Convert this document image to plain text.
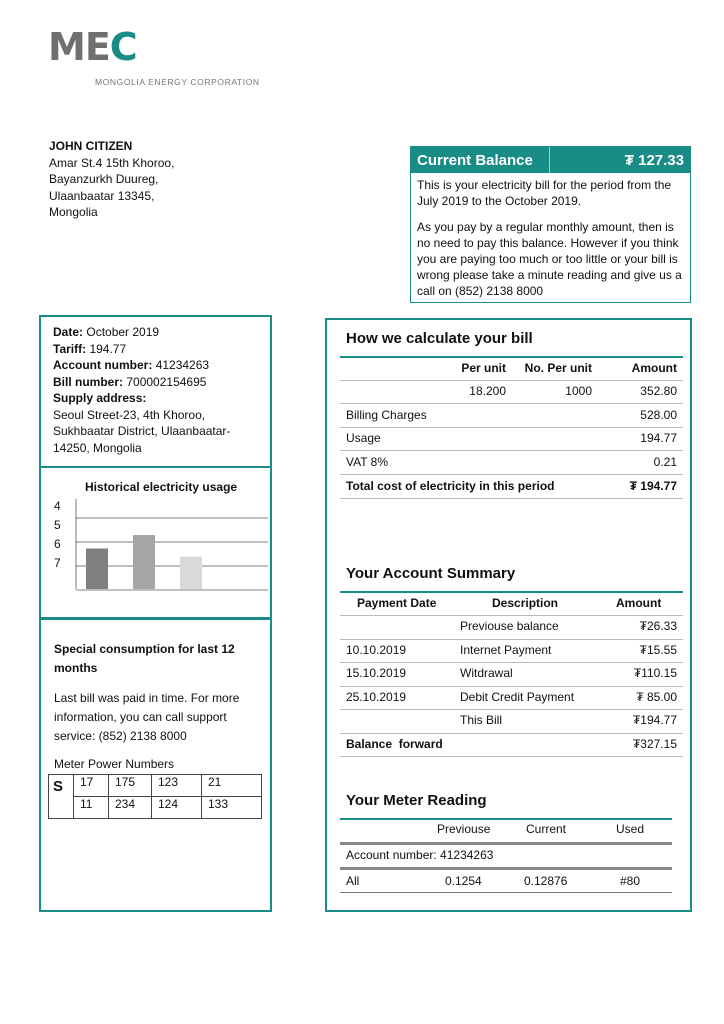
MEC
MONGOLIA ENERGY CORPORATION
JOHN CITIZEN
Amar St.4 15th Khoroo,
Bayanzurkh Duureg,
Ulaanbaatar 13345,
Mongolia
Current Balance	₮ 127.33

This is your electricity bill for the period from the July 2019 to the October 2019.

As you pay by a regular monthly amount, then is no need to pay this balance. However if you think you are paying too much or too little or your bill is wrong please take a minute reading and give us a call on (852) 2138 8000

Date: October 2019
Tariff: 194.77
Account number: 41234263
Bill number: 700002154695
Supply address:
Seoul Street-23, 4th Khoroo,
Sukhbaatar District, Ulaanbaatar-
14250, Mongolia
Historical electricity usage
4
5
6
7
Special consumption for last 12 months
Last bill was paid in time. For more information, you can call support service: (852) 2138 8000
Meter Power Numbers
S	17	175	123	21
	11	234	124	133
How we calculate your bill
Per unit	No. Per unit	Amount
18.200	1000	352.80
Billing Charges	528.00
Usage	194.77
VAT 8%	0.21
Total cost of electricity in this period	₮ 194.77
Your Account Summary
Payment Date	Description	Amount
Previouse balance	₮26.33
10.10.2019	Internet Payment	₮15.55
15.10.2019	Witdrawal	₮110.15
25.10.2019	Debit Credit Payment	₮ 85.00
This Bill	₮194.77
Balance  forward	₮327.15
Your Meter Reading
Previouse	Current	Used
Account number: 41234263
All	0.1254	0.12876	#80
